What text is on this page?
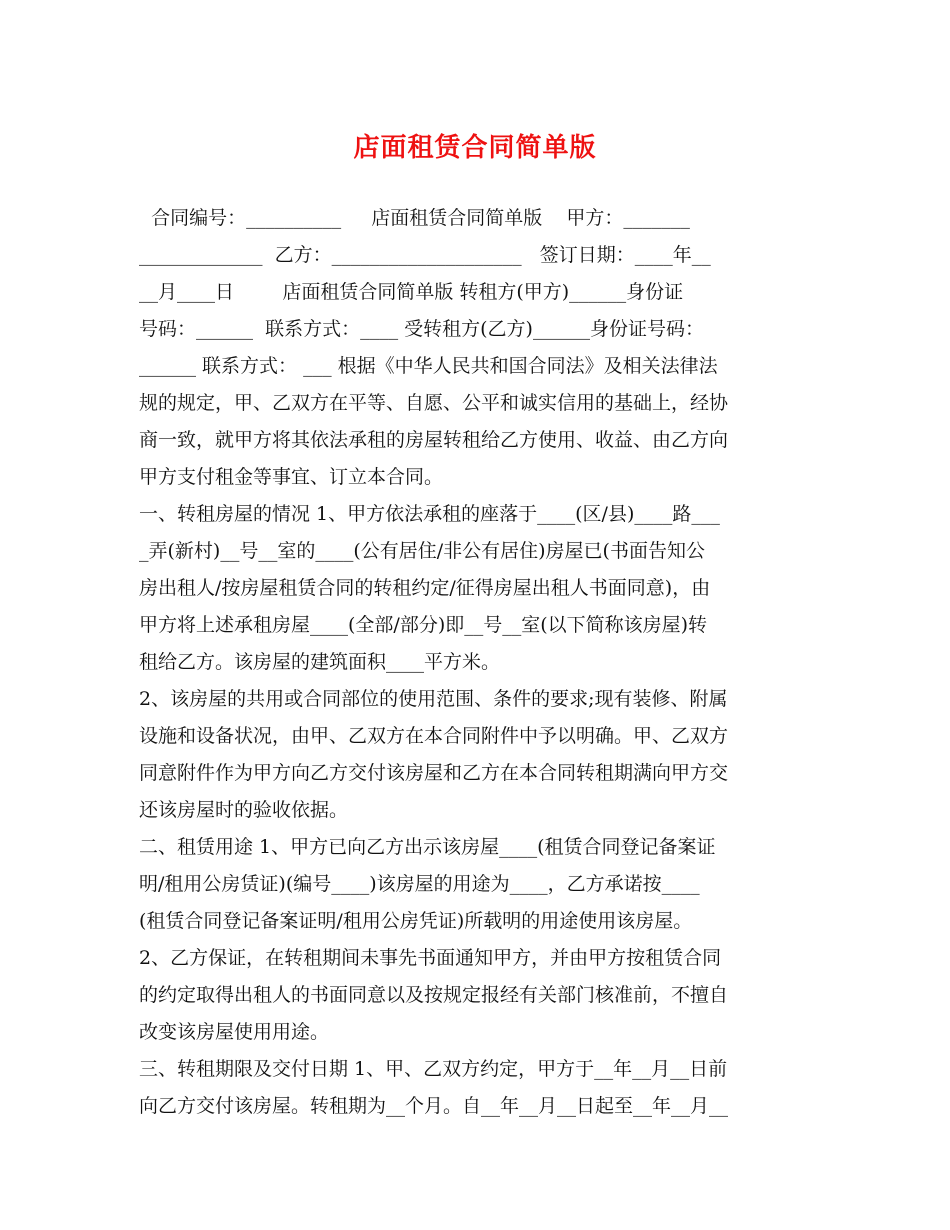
店面租赁合同简单版
合同编号：__________     店面租赁合同简单版    甲方：_______
_____________  乙方：____________________   签订日期：____年__
__月____日        店面租赁合同简单版 转租方(甲方)______身份证
号码：______  联系方式：____ 受转租方(乙方)______身份证号码：
______ 联系方式： ___ 根据《中华人民共和国合同法》及相关法律法
规的规定，甲、乙双方在平等、自愿、公平和诚实信用的基础上，经协
商一致，就甲方将其依法承租的房屋转租给乙方使用、收益、由乙方向
甲方支付租金等事宜、订立本合同。
一、转租房屋的情况 1、甲方依法承租的座落于____(区/县)____路___
_弄(新村)__号__室的____(公有居住/非公有居住)房屋已(书面告知公
房出租人/按房屋租赁合同的转租约定/征得房屋出租人书面同意)，由
甲方将上述承租房屋____(全部/部分)即__号__室(以下简称该房屋)转
租给乙方。该房屋的建筑面积____平方米。
2、该房屋的共用或合同部位的使用范围、条件的要求;现有装修、附属
设施和设备状况，由甲、乙双方在本合同附件中予以明确。甲、乙双方
同意附件作为甲方向乙方交付该房屋和乙方在本合同转租期满向甲方交
还该房屋时的验收依据。
二、租赁用途 1、甲方已向乙方出示该房屋____(租赁合同登记备案证
明/租用公房赁证)(编号____)该房屋的用途为____，乙方承诺按____
(租赁合同登记备案证明/租用公房凭证)所载明的用途使用该房屋。
2、乙方保证，在转租期间未事先书面通知甲方，并由甲方按租赁合同
的约定取得出租人的书面同意以及按规定报经有关部门核准前，不擅自
改变该房屋使用用途。
三、转租期限及交付日期 1、甲、乙双方约定，甲方于__年__月__日前
向乙方交付该房屋。转租期为__个月。自__年__月__日起至__年__月__
